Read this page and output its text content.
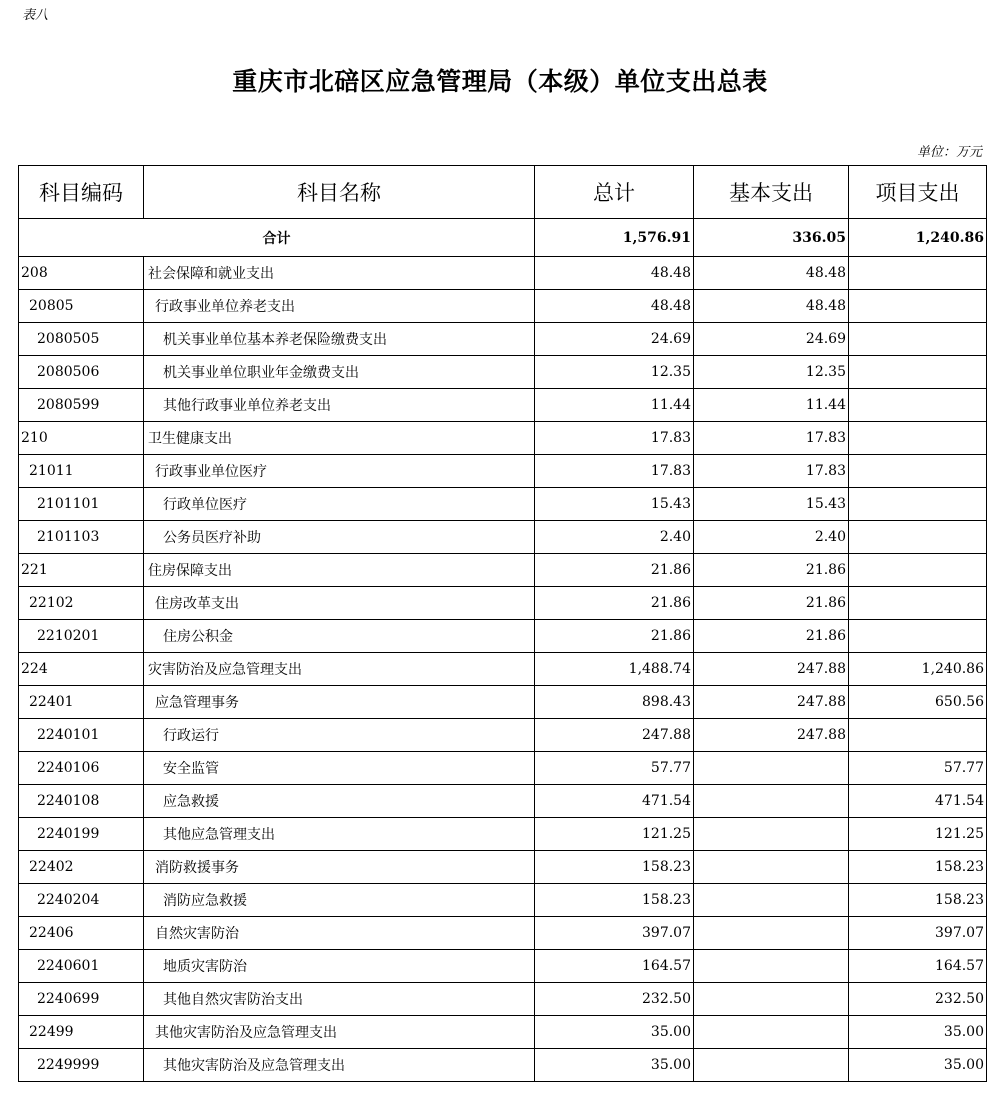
表八
重庆市北碚区应急管理局（本级）单位支出总表
单位：万元
科目编码	科目名称	总计	基本支出	项目支出
合计		1,576.91	336.05	1,240.86
208	社会保障和就业支出	48.48	48.48	
20805	行政事业单位养老支出	48.48	48.48	
2080505	机关事业单位基本养老保险缴费支出	24.69	24.69	
2080506	机关事业单位职业年金缴费支出	12.35	12.35	
2080599	其他行政事业单位养老支出	11.44	11.44	
210	卫生健康支出	17.83	17.83	
21011	行政事业单位医疗	17.83	17.83	
2101101	行政单位医疗	15.43	15.43	
2101103	公务员医疗补助	2.40	2.40	
221	住房保障支出	21.86	21.86	
22102	住房改革支出	21.86	21.86	
2210201	住房公积金	21.86	21.86	
224	灾害防治及应急管理支出	1,488.74	247.88	1,240.86
22401	应急管理事务	898.43	247.88	650.56
2240101	行政运行	247.88	247.88	
2240106	安全监管	57.77		57.77
2240108	应急救援	471.54		471.54
2240199	其他应急管理支出	121.25		121.25
22402	消防救援事务	158.23		158.23
2240204	消防应急救援	158.23		158.23
22406	自然灾害防治	397.07		397.07
2240601	地质灾害防治	164.57		164.57
2240699	其他自然灾害防治支出	232.50		232.50
22499	其他灾害防治及应急管理支出	35.00		35.00
2249999	其他灾害防治及应急管理支出	35.00		35.00
